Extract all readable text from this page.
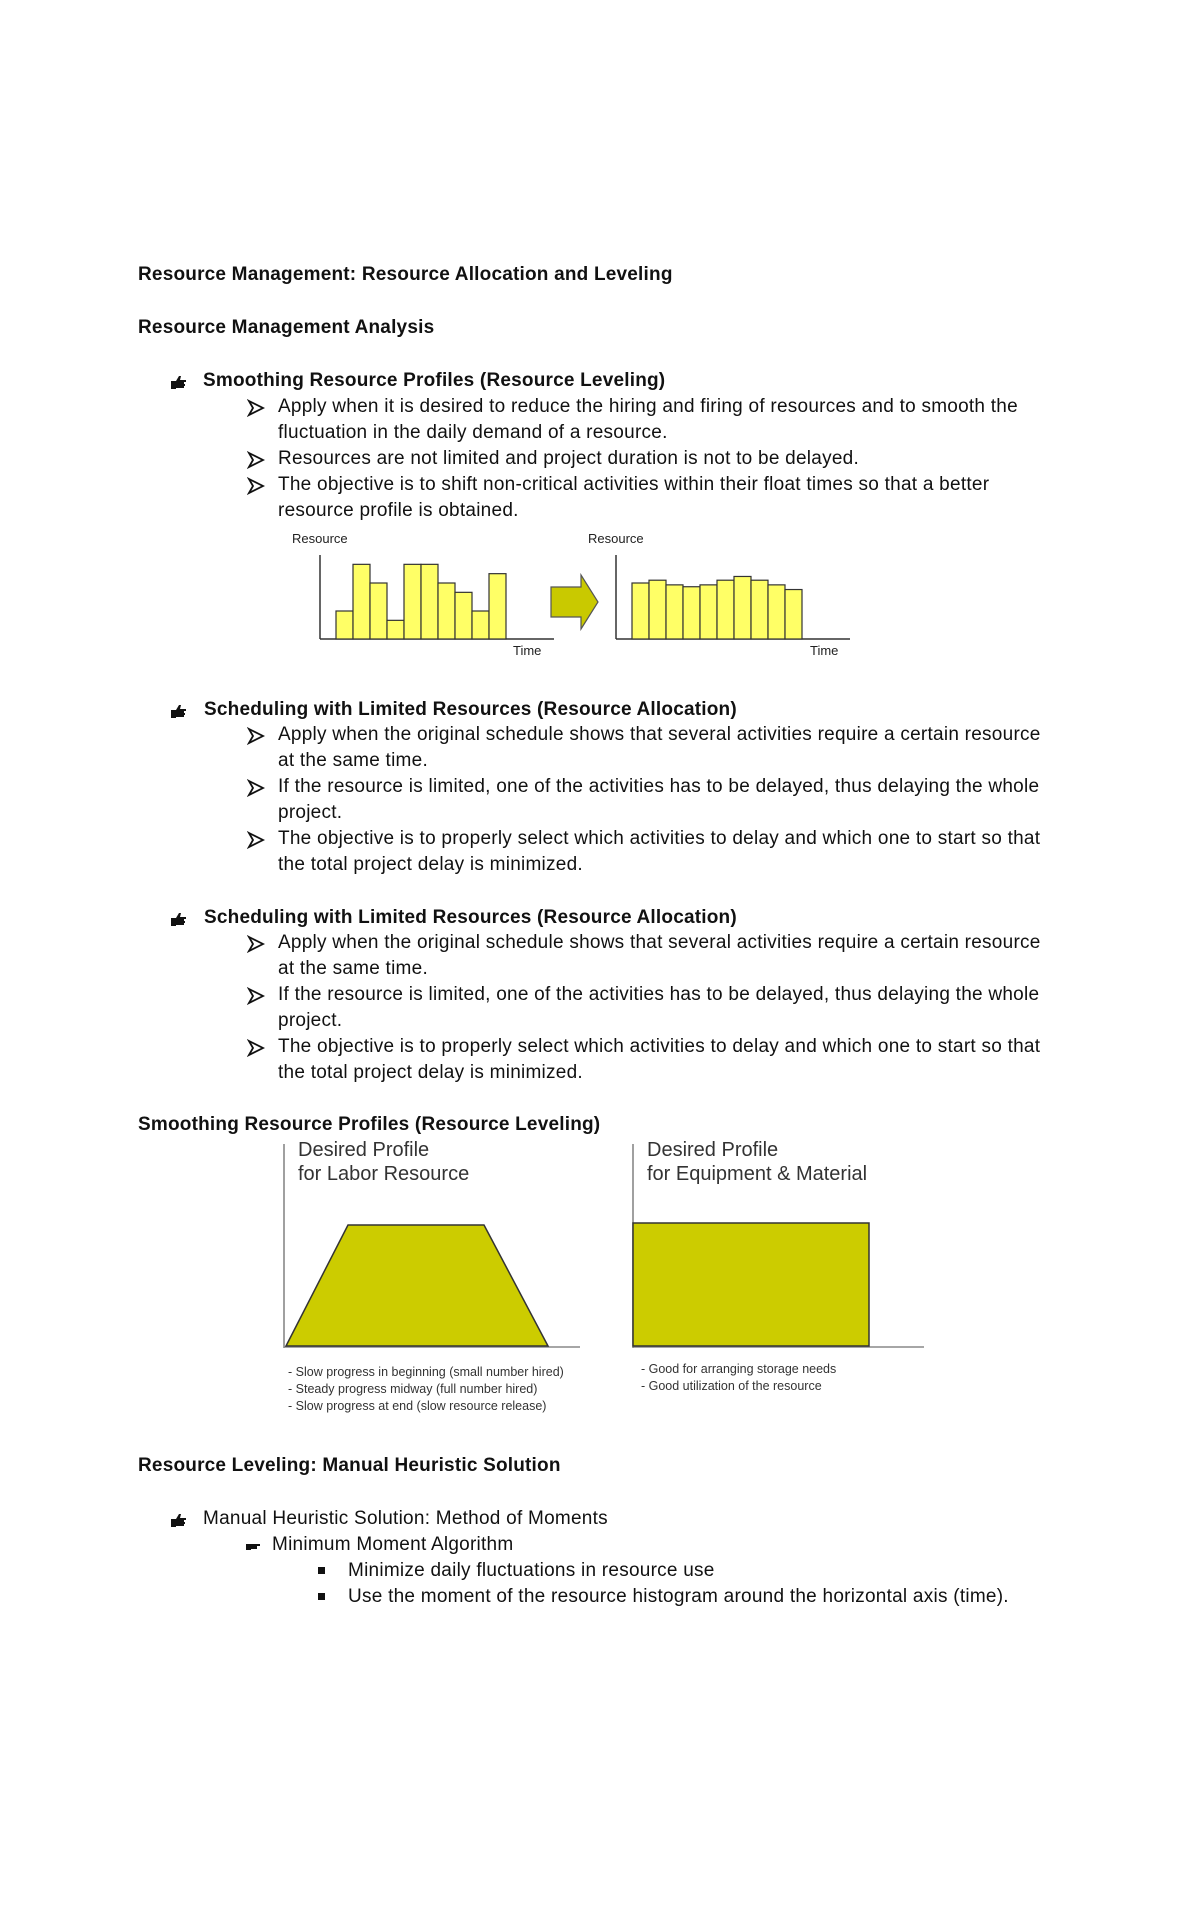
Resource Management: Resource Allocation and Leveling
Resource Management Analysis
Smoothing Resource Profiles (Resource Leveling)
Apply when it is desired to reduce the hiring and firing of resources and to smooth the
fluctuation in the daily demand of a resource.
Resources are not limited and project duration is not to be delayed.
The objective is to shift non-critical activities within their float times so that a better
resource profile is obtained.
Resource
Time
Resource
Time
Scheduling with Limited Resources (Resource Allocation)
Apply when the original schedule shows that several activities require a certain resource
at the same time.
If the resource is limited, one of the activities has to be delayed, thus delaying the whole
project.
The objective is to properly select which activities to delay and which one to start so that
the total project delay is minimized.
Scheduling with Limited Resources (Resource Allocation)
Apply when the original schedule shows that several activities require a certain resource
at the same time.
If the resource is limited, one of the activities has to be delayed, thus delaying the whole
project.
The objective is to properly select which activities to delay and which one to start so that
the total project delay is minimized.
Smoothing Resource Profiles (Resource Leveling)
Desired Profile
for Labor Resource
Desired Profile
for Equipment & Material
- Slow progress in beginning (small number hired)
- Steady progress midway (full number hired)
- Slow progress at end (slow resource release)
- Good for arranging storage needs
- Good utilization of the resource
Resource Leveling: Manual Heuristic Solution
Manual Heuristic Solution: Method of Moments
Minimum Moment Algorithm
Minimize daily fluctuations in resource use
Use the moment of the resource histogram around the horizontal axis (time).
